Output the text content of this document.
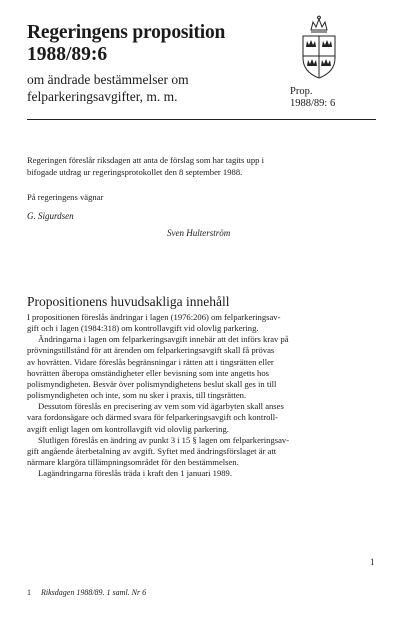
Regeringens proposition
1988/89:6
om ändrade bestämmelser om
felparkeringsavgifter, m. m.	Prop.
1988/89: 6
Regeringen föreslår riksdagen att anta de förslag som har tagits upp i
bifogade utdrag ur regeringsprotokollet den 8 september 1988.
På regeringens vägnar
G. Sigurdsen
Sven Hulterström
Propositionens huvudsakliga innehåll

I propositionen föreslås ändringar i lagen (1976:206) om felparkeringsav-

gift och i lagen (1984:318) om kontrollavgift vid olovlig parkering.

Ändringarna i lagen om felparkeringsavgift innebär att det införs krav på

prövningstillstånd för att ärenden om felparkeringsavgift skall få prövas

av hovrätten. Vidare föreslås begränsningar i rätten att i tingsrätten eller

hovrätten åberopa omständigheter eller bevisning som inte angetts hos

polismyndigheten. Besvär över polismyndighetens beslut skall ges in till

polismyndigheten och inte, som nu sker i praxis, till tingsrätten.

Dessutom föreslås en precisering av vem som vid ägarbyten skall anses

vara fordonsägare och därmed svara för felparkeringsavgift och kontroll-

avgift enligt lagen om kontrollavgift vid olovlig parkering.

Slutligen föreslås en ändring av punkt 3 i 15 § lagen om felparkeringsav-

gift angående återbetalning av avgift. Syftet med ändringsförslaget är att

närmare klargöra tillämpningsområdet för den bestämmelsen.

Lagändringarna föreslås träda i kraft den 1 januari 1989.

1
1 Riksdagen 1988/89. 1 saml. Nr 6
